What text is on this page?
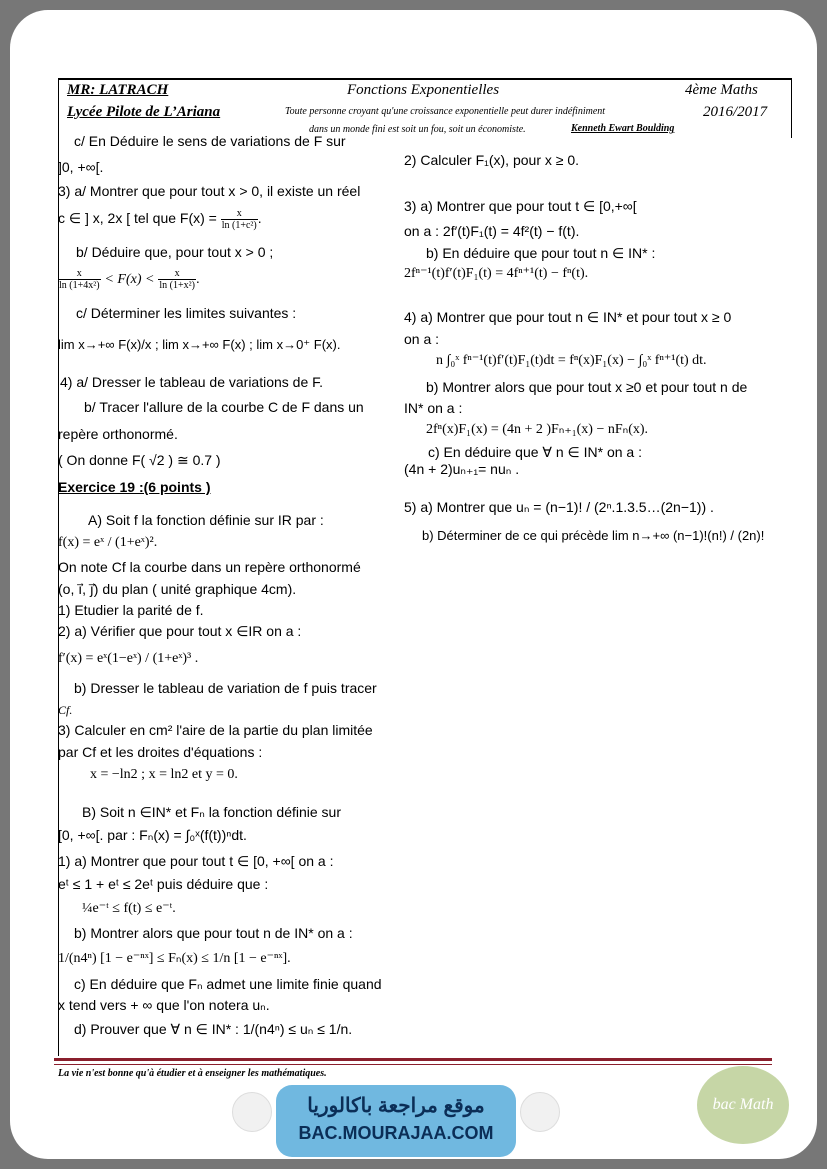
MR: LATRACH
Lycée Pilote de L’Ariana
Fonctions Exponentielles
Toute personne croyant qu'une croissance exponentielle peut durer indéfiniment
dans un monde fini est soit un fou, soit un économiste.	Kenneth Ewart Boulding
4ème Maths
2016/2017
c/ En Déduire le sens de variations de F sur
]0, +∞[.
3) a/ Montrer que pour tout x > 0, il existe un réel
c ∈ ] x, 2x [ tel que $F(x) = \frac{x}{\text{ln (1+c²)}}$ .
b/ Déduire que, pour tout x > 0 ;
$\frac{x}{\text{ln (1+4x²)}} < F(x) < \frac{x}{\text{ln (1+x²)}}$ .
c/ Déterminer les limites suivantes :
lim x→+∞ F(x)/x ; lim x→+∞ F(x) ; lim x→0⁺ F(x).
4) a/ Dresser le tableau de variations de F.
b/ Tracer l'allure de la courbe C de F dans un
repère orthonormé.
( On donne F( √2 ) ≅ 0.7 )
Exercice 19 :(6 points )
A) Soit f la fonction définie sur IR par :
f(x) = eˣ / (1+eˣ)².
On note Cf la courbe dans un repère orthonormé
(o, i⃗, j⃗) du plan ( unité graphique 4cm).
1) Etudier la parité de f.
2) a) Vérifier que pour tout x ∈IR on a :
f′(x) = eˣ(1−eˣ) / (1+eˣ)³ .
b) Dresser le tableau de variation de f puis tracer
Cf.
3) Calculer en cm² l'aire de la partie du plan limitée
par Cf et les droites d'équations :
x = −ln2 ; x = ln2 et y = 0.
B) Soit n ∈IN* et Fₙ la fonction définie sur
[0, +∞[. par : Fₙ(x) = ∫₀ˣ(f(t))ⁿdt.
1) a) Montrer que pour tout t ∈ [0, +∞[ on a :
eᵗ ≤ 1 + eᵗ ≤ 2eᵗ puis déduire que :
¼e⁻ᵗ ≤ f(t) ≤ e⁻ᵗ.
b) Montrer alors que pour tout n de IN* on a :
1/(n4ⁿ) [1 − e⁻ⁿˣ] ≤ Fₙ(x) ≤ 1/n [1 − e⁻ⁿˣ].
c) En déduire que Fₙ admet une limite finie quand
x tend vers + ∞ que l'on notera uₙ.
d) Prouver que ∀ n ∈ IN* : 1/(n4ⁿ) ≤ uₙ ≤ 1/n.
2) Calculer F₁(x), pour x ≥ 0.
3) a) Montrer que pour tout t ∈ [0,+∞[
on a : 2f′(t)F₁(t) = 4f²(t) − f(t).
b) En déduire que pour tout n ∈ IN* :
2fⁿ⁻¹(t)f′(t)F₁(t) = 4fⁿ⁺¹(t) − fⁿ(t).
4) a) Montrer que pour tout n ∈ IN* et pour tout x ≥ 0
on a :
n ∫₀ˣ fⁿ⁻¹(t)f′(t)F₁(t)dt = fⁿ(x)F₁(x) − ∫₀ˣ fⁿ⁺¹(t) dt.
b) Montrer alors que pour tout x ≥0 et pour tout n de
IN* on a :
2fⁿ(x)F₁(x) = (4n + 2 )Fₙ₊₁(x) − nFₙ(x).
c) En déduire que ∀ n ∈ IN* on a :
(4n + 2)uₙ₊₁= nuₙ .
5) a) Montrer que uₙ = (n−1)! / (2ⁿ.1.3.5…(2n−1)) .
b) Déterminer de ce qui précède lim n→+∞ (n−1)!(n!) / (2n)!
La vie n'est bonne qu'à étudier et à enseigner les mathématiques.
موقع مراجعة باكالوريا
BAC.MOURAJAA.COM
bac Math
